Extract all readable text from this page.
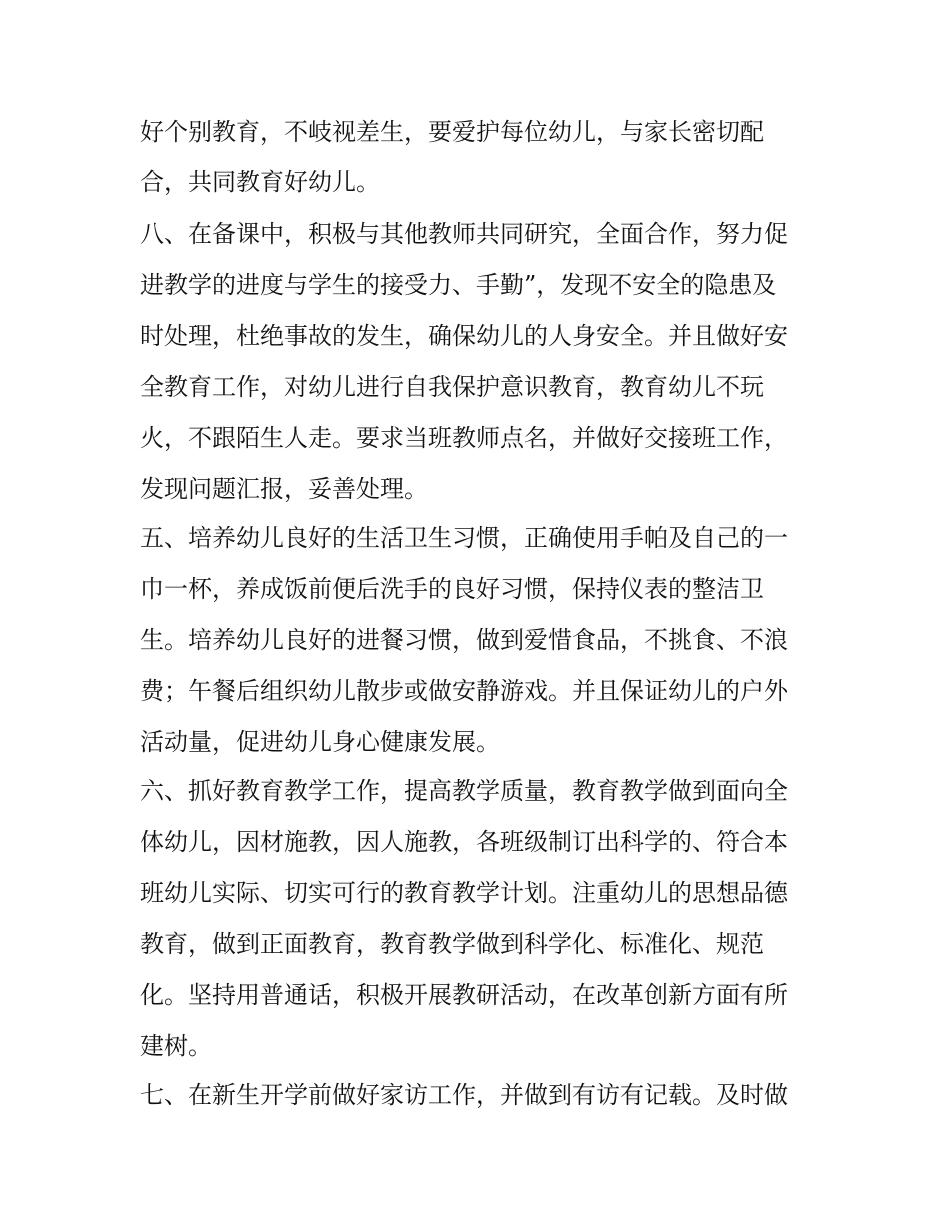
好个别教育，不岐视差生，要爱护每位幼儿，与家长密切配

合，共同教育好幼儿。

八、在备课中，积极与其他教师共同研究，全面合作，努力促

进教学的进度与学生的接受力、手勤”，发现不安全的隐患及

时处理，杜绝事故的发生，确保幼儿的人身安全。并且做好安

全教育工作，对幼儿进行自我保护意识教育，教育幼儿不玩

火，不跟陌生人走。要求当班教师点名，并做好交接班工作，

发现问题汇报，妥善处理。

五、培养幼儿良好的生活卫生习惯，正确使用手帕及自己的一

巾一杯，养成饭前便后洗手的良好习惯，保持仪表的整洁卫

生。培养幼儿良好的进餐习惯，做到爱惜食品，不挑食、不浪

费；午餐后组织幼儿散步或做安静游戏。并且保证幼儿的户外

活动量，促进幼儿身心健康发展。

六、抓好教育教学工作，提高教学质量，教育教学做到面向全

体幼儿，因材施教，因人施教，各班级制订出科学的、符合本

班幼儿实际、切实可行的教育教学计划。注重幼儿的思想品德

教育，做到正面教育，教育教学做到科学化、标准化、规范

化。坚持用普通话，积极开展教研活动，在改革创新方面有所

建树。

七、在新生开学前做好家访工作，并做到有访有记载。及时做
